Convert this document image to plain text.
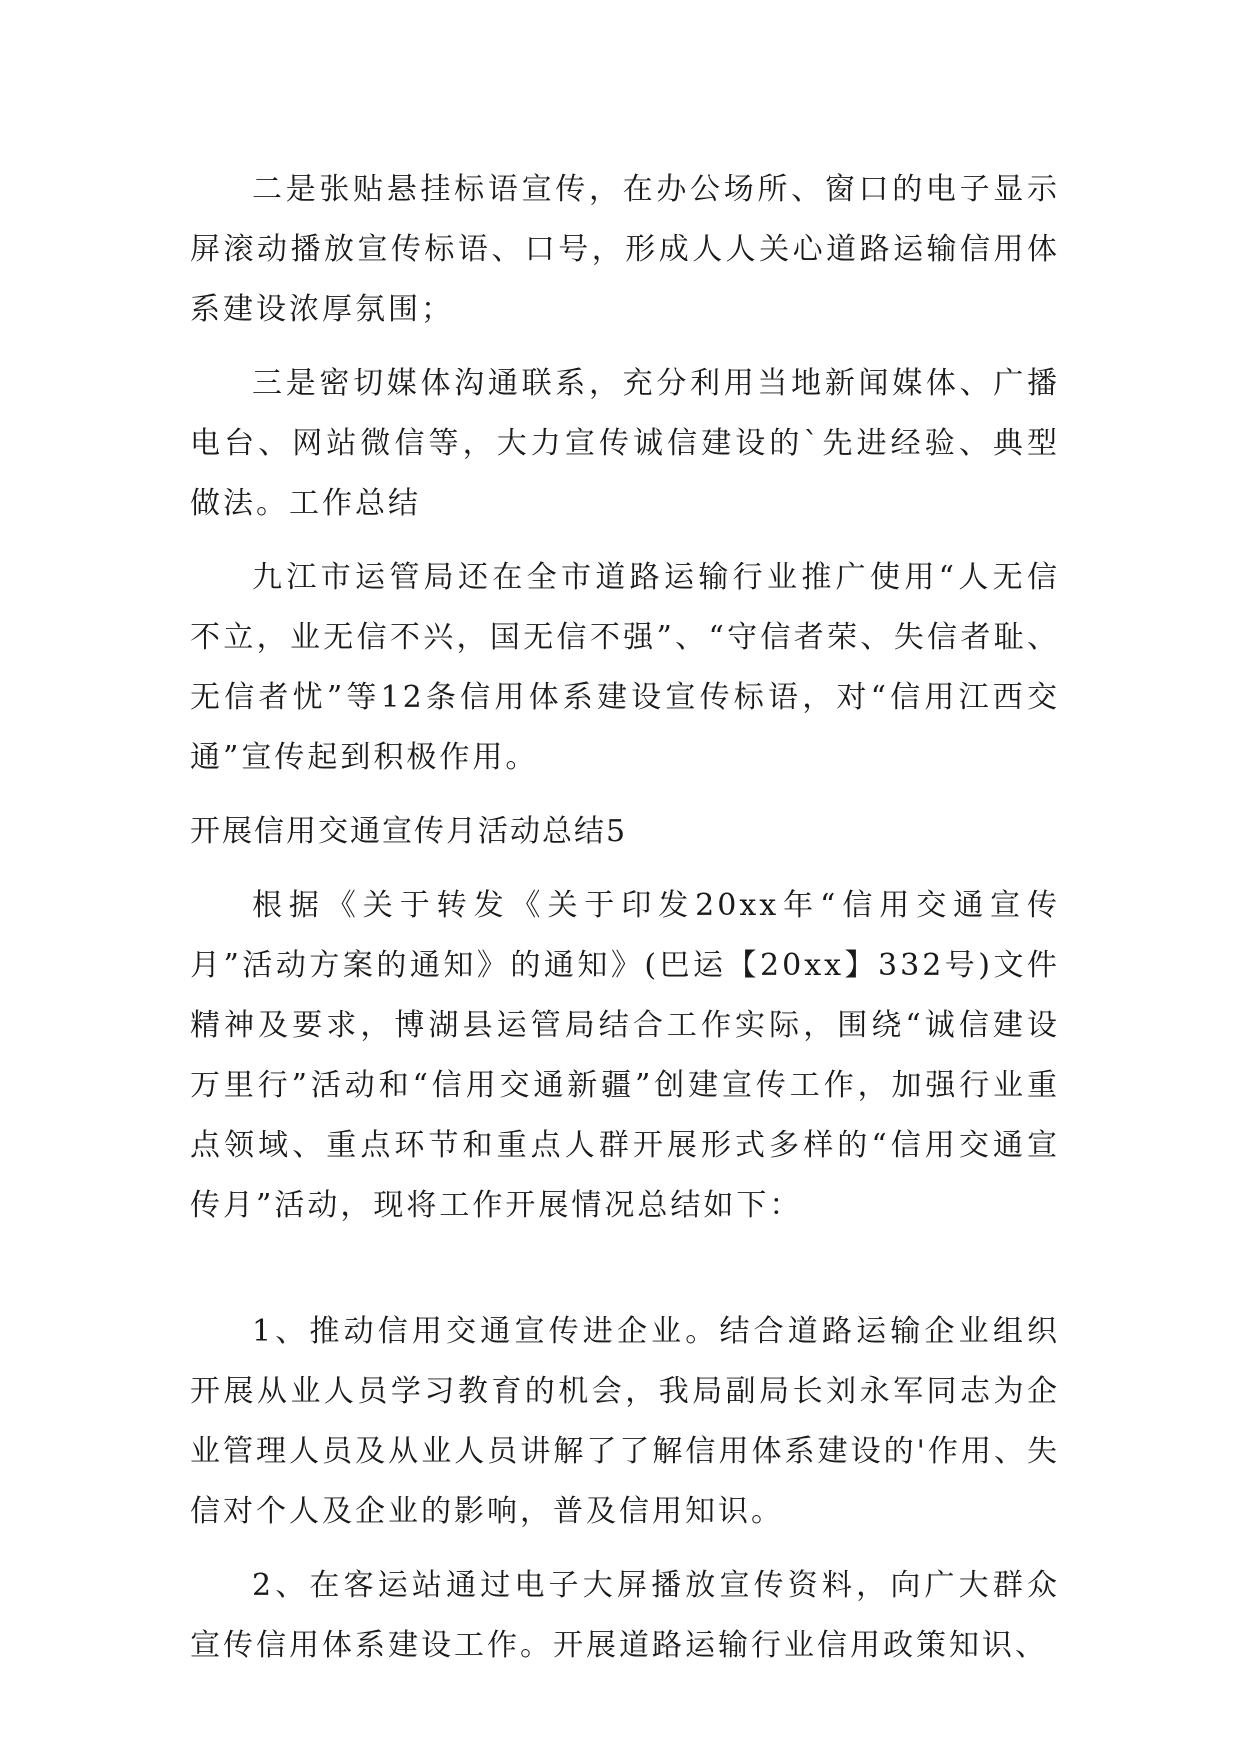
二是张贴悬挂标语宣传，在办公场所、窗口的电子显示屏滚动播放宣传标语、口号，形成人人关心道路运输信用体系建设浓厚氛围；

三是密切媒体沟通联系，充分利用当地新闻媒体、广播电台、网站微信等，大力宣传诚信建设的`先进经验、典型做法。工作总结

九江市运管局还在全市道路运输行业推广使用“人无信不立，业无信不兴，国无信不强”、“守信者荣、失信者耻、无信者忧”等12条信用体系建设宣传标语，对“信用江西交通”宣传起到积极作用。

开展信用交通宣传月活动总结5

根据《关于转发《关于印发20xx年“信用交通宣传月”活动方案的通知》的通知》(巴运【20xx】332号)文件精神及要求，博湖县运管局结合工作实际，围绕“诚信建设万里行”活动和“信用交通新疆”创建宣传工作，加强行业重点领域、重点环节和重点人群开展形式多样的“信用交通宣传月”活动，现将工作开展情况总结如下：

1、推动信用交通宣传进企业。结合道路运输企业组织开展从业人员学习教育的机会，我局副局长刘永军同志为企业管理人员及从业人员讲解了了解信用体系建设的'作用、失信对个人及企业的影响，普及信用知识。

2、在客运站通过电子大屏播放宣传资料，向广大群众宣传信用体系建设工作。开展道路运输行业信用政策知识、
